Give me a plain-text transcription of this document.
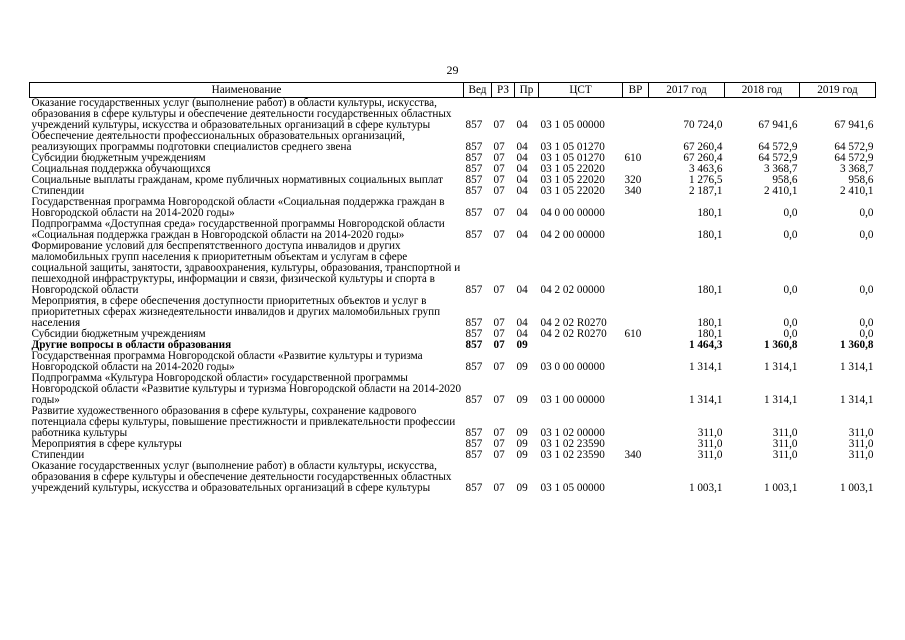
29
Наименование	Вед	РЗ	Пр	ЦСТ	ВР	2017 год	2018 год	2019 год
Оказание государственных услуг (выполнение работ) в области культуры, искусства, образования в сфере культуры и обеспечение деятельности государственных областных учреждений культуры, искусства и образовательных организаций в сфере культуры	857	07	04	03 1 05 00000		70 724,0	67 941,6	67 941,6
Обеспечение деятельности профессиональных образовательных организаций, реализующих программы подготовки специалистов среднего звена	857	07	04	03 1 05 01270		67 260,4	64 572,9	64 572,9
Субсидии бюджетным учреждениям	857	07	04	03 1 05 01270	610	67 260,4	64 572,9	64 572,9
Социальная поддержка обучающихся	857	07	04	03 1 05 22020		3 463,6	3 368,7	3 368,7
Социальные выплаты гражданам, кроме публичных нормативных социальных выплат	857	07	04	03 1 05 22020	320	1 276,5	958,6	958,6
Стипендии	857	07	04	03 1 05 22020	340	2 187,1	2 410,1	2 410,1
Государственная программа Новгородской области «Социальная поддержка граждан в Новгородской области на 2014-2020 годы»	857	07	04	04 0 00 00000		180,1	0,0	0,0
Подпрограмма «Доступная среда» государственной программы Новгородской области «Социальная поддержка граждан в Новгородской области на 2014-2020 годы»	857	07	04	04 2 00 00000		180,1	0,0	0,0
Формирование условий для беспрепятственного доступа инвалидов и других маломобильных групп населения к приоритетным объектам и услугам в сфере социальной защиты, занятости, здравоохранения, культуры, образования, транспортной и пешеходной инфраструктуры, информации и связи, физической культуры и спорта в Новгородской области	857	07	04	04 2 02 00000		180,1	0,0	0,0
Мероприятия, в сфере обеспечения доступности приоритетных объектов и услуг в приоритетных сферах жизнедеятельности инвалидов и других маломобильных групп населения	857	07	04	04 2 02 R0270		180,1	0,0	0,0
Субсидии бюджетным учреждениям	857	07	04	04 2 02 R0270	610	180,1	0,0	0,0
Другие вопросы в области образования	857	07	09			1 464,3	1 360,8	1 360,8
Государственная программа Новгородской области «Развитие культуры и туризма Новгородской области на 2014-2020 годы»	857	07	09	03 0 00 00000		1 314,1	1 314,1	1 314,1
Подпрограмма «Культура Новгородской области» государственной программы Новгородской области «Развитие культуры и туризма Новгородской области на 2014-2020 годы»	857	07	09	03 1 00 00000		1 314,1	1 314,1	1 314,1
Развитие художественного образования в сфере культуры, сохранение кадрового потенциала сферы культуры, повышение престижности и привлекательности профессии работника культуры	857	07	09	03 1 02 00000		311,0	311,0	311,0
Мероприятия в сфере культуры	857	07	09	03 1 02 23590		311,0	311,0	311,0
Стипендии	857	07	09	03 1 02 23590	340	311,0	311,0	311,0
Оказание государственных услуг (выполнение работ) в области культуры, искусства, образования в сфере культуры и обеспечение деятельности государственных областных учреждений культуры, искусства и образовательных организаций в сфере культуры	857	07	09	03 1 05 00000		1 003,1	1 003,1	1 003,1
